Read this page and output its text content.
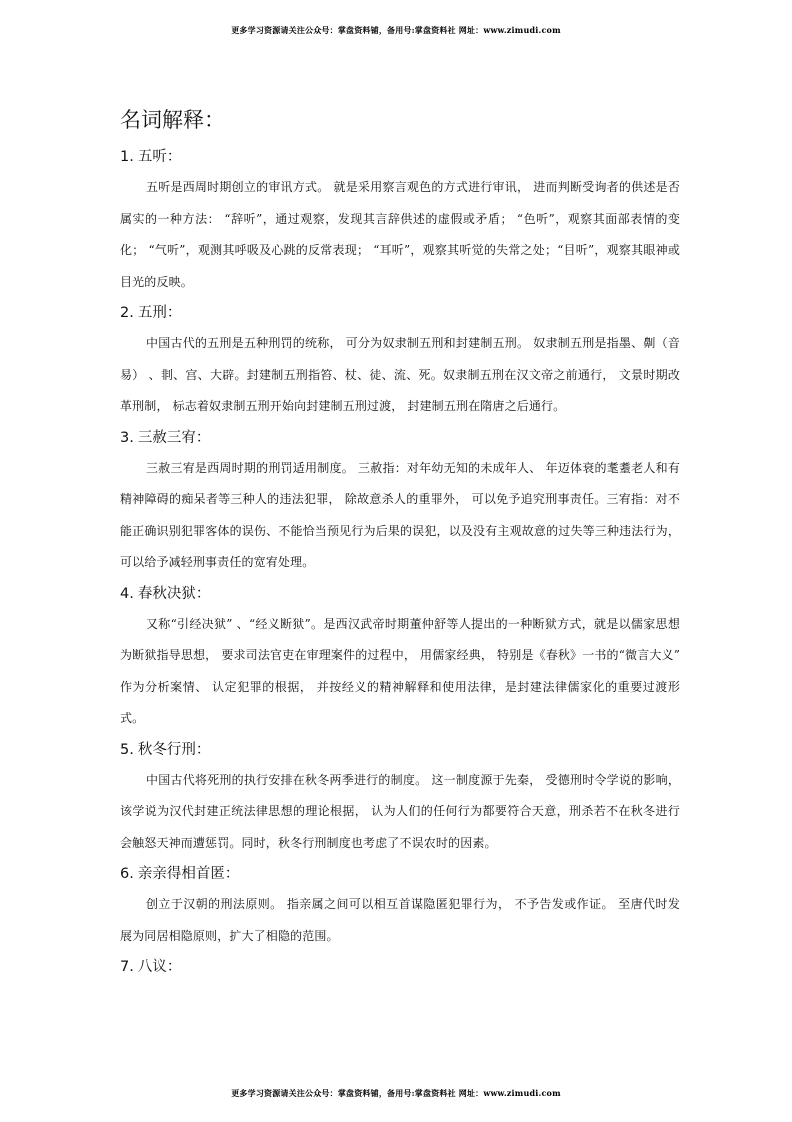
更多学习资源请关注公众号：掌盘资料铺，备用号:掌盘资料社 网址：www.zimudi.com
名词解释：
1. 五听：

五听是西周时期创立的审讯方式。 就是采用察言观色的方式进行审讯， 进而判断受询者的供述是否属实的一种方法： “辞听”，通过观察，发现其言辞供述的虚假或矛盾； “色听”，观察其面部表情的变化； “气听”，观测其呼吸及心跳的反常表现； “耳听”，观察其听觉的失常之处；“目听”，观察其眼神或目光的反映。

2. 五刑：

中国古代的五刑是五种刑罚的统称， 可分为奴隶制五刑和封建制五刑。 奴隶制五刑是指墨、劓（音易） 、剕、宫、大辟。封建制五刑指笞、杖、徒、流、死。奴隶制五刑在汉文帝之前通行， 文景时期改革刑制， 标志着奴隶制五刑开始向封建制五刑过渡， 封建制五刑在隋唐之后通行。

3. 三赦三宥：

三赦三宥是西周时期的刑罚适用制度。 三赦指：对年幼无知的未成年人、 年迈体衰的耄耋老人和有精神障碍的痴呆者等三种人的违法犯罪， 除故意杀人的重罪外， 可以免予追究刑事责任。三宥指：对不能正确识别犯罪客体的误伤、不能恰当预见行为后果的误犯，以及没有主观故意的过失等三种违法行为，可以给予减轻刑事责任的宽宥处理。

4. 春秋决狱：

又称“引经决狱” 、“经义断狱”。是西汉武帝时期董仲舒等人提出的一种断狱方式，就是以儒家思想为断狱指导思想， 要求司法官吏在审理案件的过程中， 用儒家经典， 特别是《春秋》一书的“微言大义” 作为分析案情、 认定犯罪的根据， 并按经义的精神解释和使用法律，是封建法律儒家化的重要过渡形式。

5. 秋冬行刑：

中国古代将死刑的执行安排在秋冬两季进行的制度。 这一制度源于先秦， 受德刑时令学说的影响，该学说为汉代封建正统法律思想的理论根据， 认为人们的任何行为都要符合天意，刑杀若不在秋冬进行会触怒天神而遭惩罚。同时，秋冬行刑制度也考虑了不误农时的因素。

6. 亲亲得相首匿：

创立于汉朝的刑法原则。 指亲属之间可以相互首谋隐匿犯罪行为， 不予告发或作证。 至唐代时发展为同居相隐原则，扩大了相隐的范围。

7. 八议：
更多学习资源请关注公众号：掌盘资料铺，备用号:掌盘资料社 网址：www.zimudi.com
